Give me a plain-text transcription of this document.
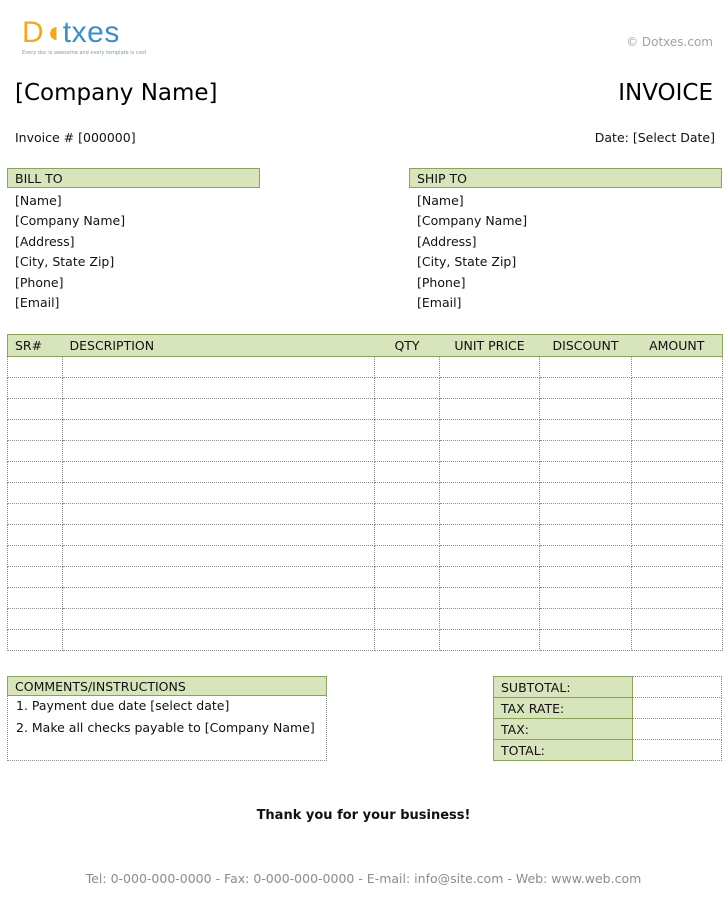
D◖txes
Every doc is awesome and every template is cool
© Dotxes.com
[Company Name]	INVOICE
Invoice # [000000]	Date: [Select Date]
BILL TO	SHIP TO
[Name]
[Company Name]
[Address]
[City, State Zip]
[Phone]
[Email]
[Name]
[Company Name]
[Address]
[City, State Zip]
[Phone]
[Email]
SR#	DESCRIPTION	QTY	UNIT PRICE	DISCOUNT	AMOUNT

COMMENTS/INSTRUCTIONS
1. Payment due date [select date]
2. Make all checks payable to [Company Name]
SUBTOTAL:	
TAX RATE:	
TAX:	
TOTAL:	
Thank you for your business!
Tel: 0-000-000-0000 - Fax: 0-000-000-0000 - E-mail: info@site.com - Web: www.web.com
